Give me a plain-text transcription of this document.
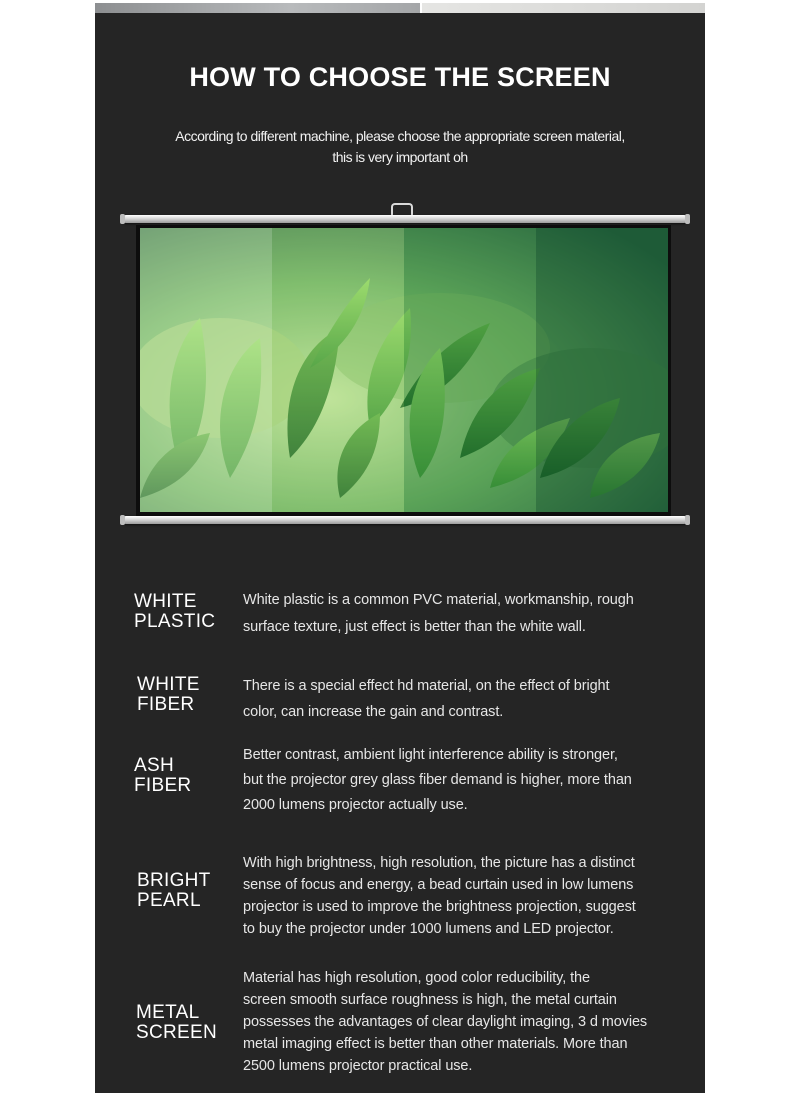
HOW TO CHOOSE THE SCREEN
According to different machine, please choose the appropriate screen material,
this is very important oh
WHITE
PLASTIC
White plastic is a common PVC material, workmanship, rough
surface texture, just effect is better than the white wall.
WHITE
FIBER
There is a special effect hd material, on the effect of bright
color, can increase the gain and contrast.
ASH
FIBER
Better contrast, ambient light interference ability is stronger,
but the projector grey glass fiber demand is higher, more than
2000 lumens projector actually use.
BRIGHT
PEARL
With high brightness, high resolution, the picture has a distinct
sense of focus and energy, a bead curtain used in low lumens
projector is used to improve the brightness projection, suggest
to buy the projector under 1000 lumens and LED projector.
METAL
SCREEN
Material has high resolution, good color reducibility, the
screen smooth surface roughness is high, the metal curtain
possesses the advantages of clear daylight imaging, 3 d movies
metal imaging effect is better than other materials. More than
2500 lumens projector practical use.
